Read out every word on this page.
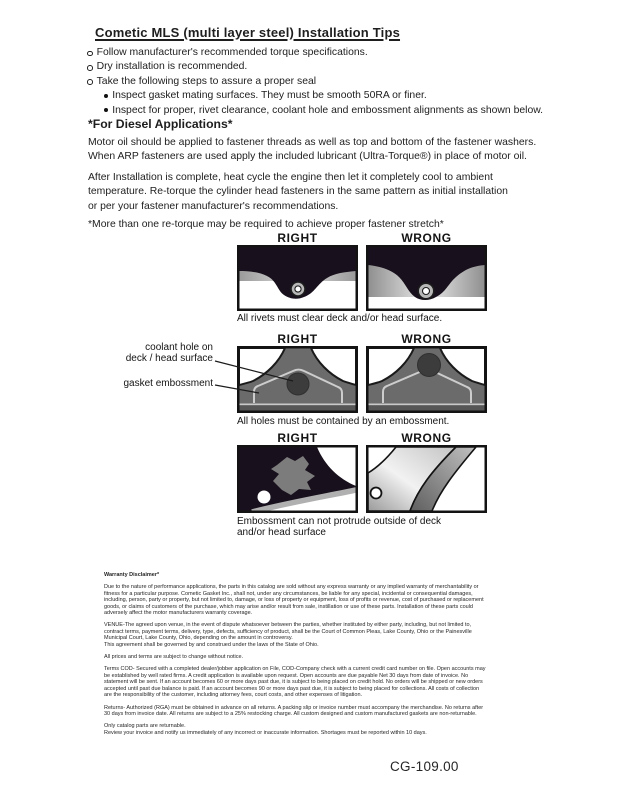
Cometic MLS (multi layer steel) Installation Tips
Follow manufacturer's recommended torque specifications.
Dry installation is recommended.
Take the following steps to assure a proper seal
Inspect gasket mating surfaces. They must be smooth 50RA or finer.
Inspect for proper, rivet clearance, coolant hole and embossment alignments as shown below.

*For Diesel Applications*

Motor oil should be applied to fastener threads as well as top and bottom of the fastener washers.
When ARP fasteners are used apply the included lubricant (Ultra-Torque®) in place of motor oil.
After Installation is complete, heat cycle the engine then let it completely cool to ambient
temperature. Re-torque the cylinder head fasteners in the same pattern as initial installation
or per your fastener manufacturer's recommendations.
*More than one re-torque may be required to achieve proper fastener stretch*
RIGHT	WRONG
All rivets must clear deck and/or head surface.
RIGHT	WRONG
coolant hole on
deck / head surface
gasket embossment
All holes must be contained by an embossment.
RIGHT	WRONG
Embossment can not protrude outside of deck
and/or head surface

Warranty Disclaimer*

Due to the nature of performance applications, the parts in this catalog are sold without any express warranty or any implied warranty of merchantability or
fitness for a particular purpose. Cometic Gasket Inc., shall not, under any circumstances, be liable for any special, incidental or consequential damages,
including, person, party or property, but not limited to, damage, or loss of property or equipment, loss of profits or revenue, cost of purchased or replacement
goods, or claims of customers of the purchase, which may arise and/or result from sale, instillation or use of these parts. Installation of these parts could
adversely affect the motor manufacturers warranty coverage.

VENUE-The agreed upon venue, in the event of dispute whatsoever between the parties, whether instituted by either party, including, but not limited to,
contract terms, payment terms, delivery, type, defects, sufficiency of product, shall be the Court of Common Pleas, Lake County, Ohio or the Painesville
Municipal Court, Lake County, Ohio, depending on the amount in controversy.
This agreement shall be governed by and construed under the laws of the State of Ohio.

All prices and terms are subject to change without notice.

Terms COD- Secured with a completed dealer/jobber application on File, COD-Company check with a current credit card number on file. Open accounts may
be established by well rated firms. A credit application is available upon request. Open accounts are due payable Net 30 days from date of invoice. No
statement will be sent. If an account becomes 60 or more days past due, it is subject to being placed on credit hold. No orders will be shipped or new orders
accepted until past due balance is paid. If an account becomes 90 or more days past due, it is subject to being placed for collections. All costs of collection
are the responsibility of the customer, including attorney fees, court costs, and other expenses of litigation.

Returns- Authorized (RGA) must be obtained in advance on all returns. A packing slip or invoice number must accompany the merchandise. No returns after
30 days from invoice date. All returns are subject to a 25% restocking charge. All custom designed and custom manufactured gaskets are non-returnable.

Only catalog parts are returnable.
Review your invoice and notify us immediately of any incorrect or inaccurate information. Shortages must be reported within 10 days.

CG-109.00
